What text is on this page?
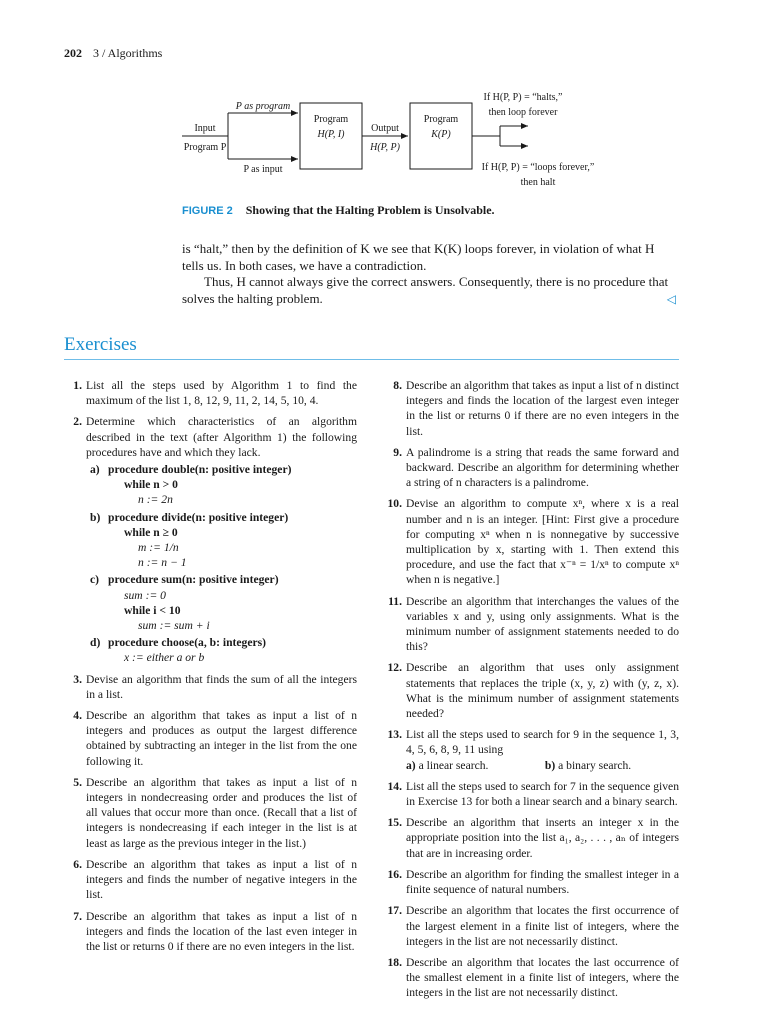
202 3 / Algorithms
P as program
Input
Program P
P as input
Program
H(P, I)
Output
H(P, P)
Program
K(P)
If H(P, P) = “halts,”
then loop forever
If H(P, P) = “loops forever,”
then halt
FIGURE 2 Showing that the Halting Problem is Unsolvable.
is “halt,” then by the definition of K we see that K(K) loops forever, in violation of what H
tells us. In both cases, we have a contradiction.
Thus, H cannot always give the correct answers. Consequently, there is no procedure that
solves the halting problem.	◁
Exercises
1. List all the steps used by Algorithm 1 to find the maximum of the list 1, 8, 12, 9, 11, 2, 14, 5, 10, 4.
2. Determine which characteristics of an algorithm described in the text (after Algorithm 1) the following procedures have and which they lack.
a) procedure double(n: positive integer)
while n > 0
n := 2n
b) procedure divide(n: positive integer)
while n ≥ 0
m := 1/n
n := n − 1
c) procedure sum(n: positive integer)
sum := 0
while i < 10
sum := sum + i
d) procedure choose(a, b: integers)
x := either a or b
3. Devise an algorithm that finds the sum of all the integers in a list.
4. Describe an algorithm that takes as input a list of n integers and produces as output the largest difference obtained by subtracting an integer in the list from the one following it.
5. Describe an algorithm that takes as input a list of n integers in nondecreasing order and produces the list of all values that occur more than once. (Recall that a list of integers is nondecreasing if each integer in the list is at least as large as the previous integer in the list.)
6. Describe an algorithm that takes as input a list of n integers and finds the number of negative integers in the list.
7. Describe an algorithm that takes as input a list of n integers and finds the location of the last even integer in the list or returns 0 if there are no even integers in the list.
8. Describe an algorithm that takes as input a list of n distinct integers and finds the location of the largest even integer in the list or returns 0 if there are no even integers in the list.
9. A palindrome is a string that reads the same forward and backward. Describe an algorithm for determining whether a string of n characters is a palindrome.
10. Devise an algorithm to compute xⁿ, where x is a real number and n is an integer. [Hint: First give a procedure for computing xⁿ when n is nonnegative by successive multiplication by x, starting with 1. Then extend this procedure, and use the fact that x⁻ⁿ = 1/xⁿ to compute xⁿ when n is negative.]
11. Describe an algorithm that interchanges the values of the variables x and y, using only assignments. What is the minimum number of assignment statements needed to do this?
12. Describe an algorithm that uses only assignment statements that replaces the triple (x, y, z) with (y, z, x). What is the minimum number of assignment statements needed?
13. List all the steps used to search for 9 in the sequence 1, 3, 4, 5, 6, 8, 9, 11 using
a) a linear search.	b) a binary search.
14. List all the steps used to search for 7 in the sequence given in Exercise 13 for both a linear search and a binary search.
15. Describe an algorithm that inserts an integer x in the appropriate position into the list a₁, a₂, . . . , aₙ of integers that are in increasing order.
16. Describe an algorithm for finding the smallest integer in a finite sequence of natural numbers.
17. Describe an algorithm that locates the first occurrence of the largest element in a finite list of integers, where the integers in the list are not necessarily distinct.
18. Describe an algorithm that locates the last occurrence of the smallest element in a finite list of integers, where the integers in the list are not necessarily distinct.
